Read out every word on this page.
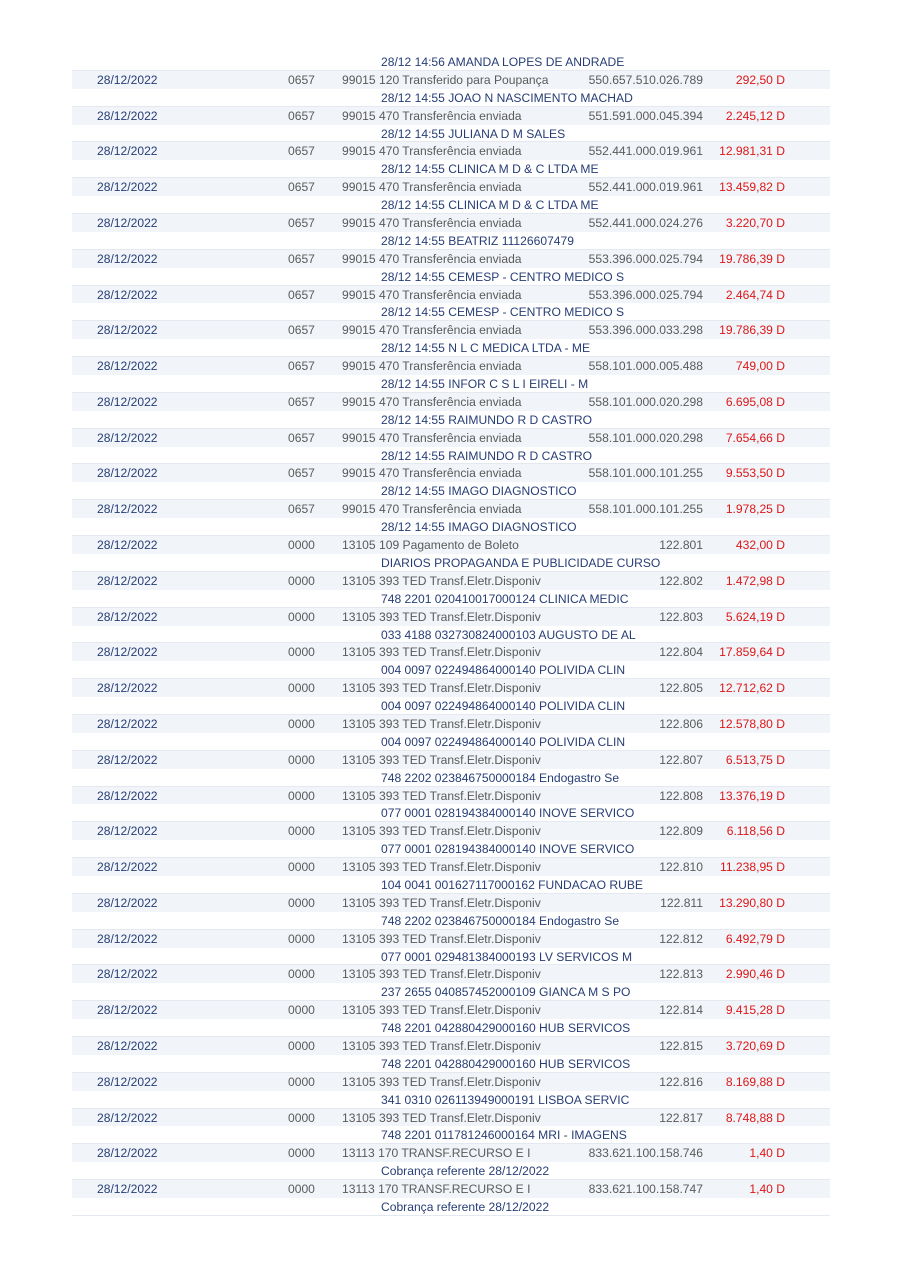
28/12 14:56 AMANDA LOPES DE ANDRADE
28/12/2022	0657 99015 120 Transferido para Poupança	550.657.510.026.789	292,50 D
28/12 14:55 JOAO N NASCIMENTO MACHAD
28/12/2022	0657 99015 470 Transferência enviada	551.591.000.045.394 2.245,12 D
28/12 14:55 JULIANA D M SALES
28/12/2022	0657 99015 470 Transferência enviada	552.441.000.019.961 12.981,31 D
28/12 14:55 CLINICA M D & C LTDA ME
28/12/2022	0657 99015 470 Transferência enviada	552.441.000.019.961 13.459,82 D
28/12 14:55 CLINICA M D & C LTDA ME
28/12/2022	0657 99015 470 Transferência enviada	552.441.000.024.276 3.220,70 D
28/12 14:55 BEATRIZ 11126607479
28/12/2022	0657 99015 470 Transferência enviada	553.396.000.025.794 19.786,39 D
28/12 14:55 CEMESP - CENTRO MEDICO S
28/12/2022	0657 99015 470 Transferência enviada	553.396.000.025.794 2.464,74 D
28/12 14:55 CEMESP - CENTRO MEDICO S
28/12/2022	0657 99015 470 Transferência enviada	553.396.000.033.298 19.786,39 D
28/12 14:55 N L C MEDICA LTDA - ME
28/12/2022	0657 99015 470 Transferência enviada	558.101.000.005.488	749,00 D
28/12 14:55 INFOR C S L I EIRELI - M
28/12/2022	0657 99015 470 Transferência enviada	558.101.000.020.298 6.695,08 D
28/12 14:55 RAIMUNDO R D CASTRO
28/12/2022	0657 99015 470 Transferência enviada	558.101.000.020.298 7.654,66 D
28/12 14:55 RAIMUNDO R D CASTRO
28/12/2022	0657 99015 470 Transferência enviada	558.101.000.101.255 9.553,50 D
28/12 14:55 IMAGO DIAGNOSTICO
28/12/2022	0657 99015 470 Transferência enviada	558.101.000.101.255 1.978,25 D
28/12 14:55 IMAGO DIAGNOSTICO
28/12/2022	0000 13105 109 Pagamento de Boleto	122.801	432,00 D
DIARIOS PROPAGANDA E PUBLICIDADE CURSO
28/12/2022	0000 13105 393 TED Transf.Eletr.Disponiv	122.802 1.472,98 D
748 2201 020410017000124 CLINICA MEDIC
28/12/2022	0000 13105 393 TED Transf.Eletr.Disponiv	122.803 5.624,19 D
033 4188 032730824000103 AUGUSTO DE AL
28/12/2022	0000 13105 393 TED Transf.Eletr.Disponiv	122.804 17.859,64 D
004 0097 022494864000140 POLIVIDA CLIN
28/12/2022	0000 13105 393 TED Transf.Eletr.Disponiv	122.805 12.712,62 D
004 0097 022494864000140 POLIVIDA CLIN
28/12/2022	0000 13105 393 TED Transf.Eletr.Disponiv	122.806 12.578,80 D
004 0097 022494864000140 POLIVIDA CLIN
28/12/2022	0000 13105 393 TED Transf.Eletr.Disponiv	122.807 6.513,75 D
748 2202 023846750000184 Endogastro Se
28/12/2022	0000 13105 393 TED Transf.Eletr.Disponiv	122.808 13.376,19 D
077 0001 028194384000140 INOVE SERVICO
28/12/2022	0000 13105 393 TED Transf.Eletr.Disponiv	122.809 6.118,56 D
077 0001 028194384000140 INOVE SERVICO
28/12/2022	0000 13105 393 TED Transf.Eletr.Disponiv	122.810 11.238,95 D
104 0041 001627117000162 FUNDACAO RUBE
28/12/2022	0000 13105 393 TED Transf.Eletr.Disponiv	122.811 13.290,80 D
748 2202 023846750000184 Endogastro Se
28/12/2022	0000 13105 393 TED Transf.Eletr.Disponiv	122.812 6.492,79 D
077 0001 029481384000193 LV SERVICOS M
28/12/2022	0000 13105 393 TED Transf.Eletr.Disponiv	122.813 2.990,46 D
237 2655 040857452000109 GIANCA M S PO
28/12/2022	0000 13105 393 TED Transf.Eletr.Disponiv	122.814 9.415,28 D
748 2201 042880429000160 HUB SERVICOS
28/12/2022	0000 13105 393 TED Transf.Eletr.Disponiv	122.815 3.720,69 D
748 2201 042880429000160 HUB SERVICOS
28/12/2022	0000 13105 393 TED Transf.Eletr.Disponiv	122.816 8.169,88 D
341 0310 026113949000191 LISBOA SERVIC
28/12/2022	0000 13105 393 TED Transf.Eletr.Disponiv	122.817 8.748,88 D
748 2201 011781246000164 MRI - IMAGENS
28/12/2022	0000 13113 170 TRANSF.RECURSO E I	833.621.100.158.746	1,40 D
Cobrança referente 28/12/2022
28/12/2022	0000 13113 170 TRANSF.RECURSO E I	833.621.100.158.747	1,40 D
Cobrança referente 28/12/2022
